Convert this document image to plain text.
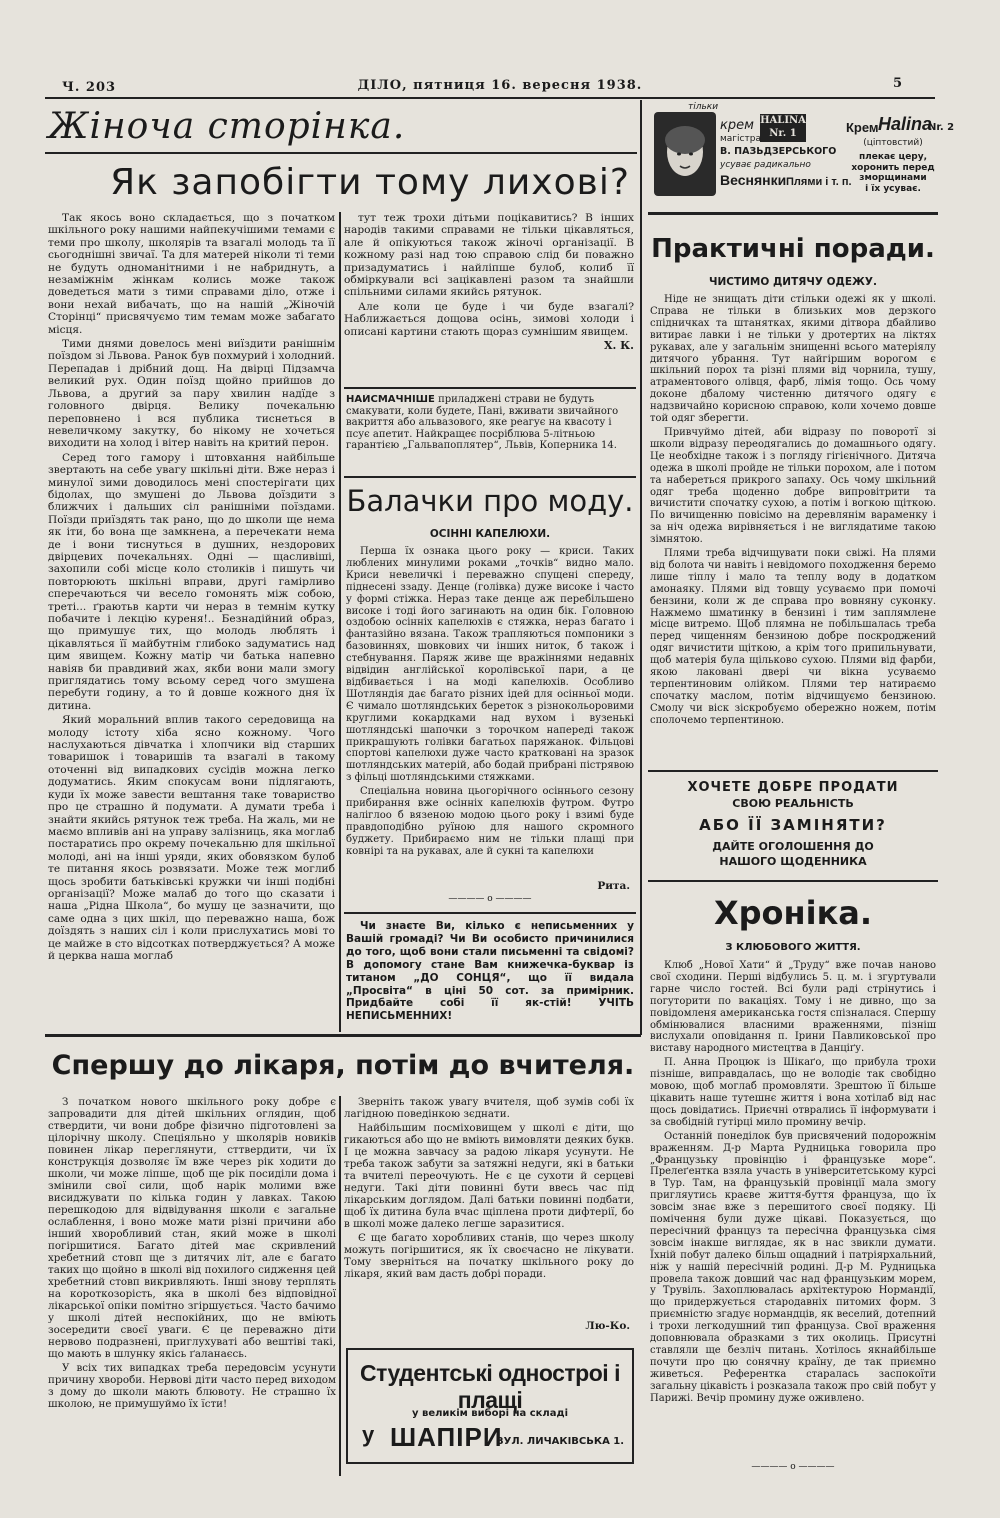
Ч. 203	ДІЛО, пятниця 16. вересня 1938.	5
Жіноча сторінка.
Як запобігти тому лихові?

Так якось воно складається, що з початком шкільного року нашими найпекучішими темами є теми про школу, школярів та взагалі молодь та її сьогоднішні звичаї. Та для матерей ніколи ті теми не будуть одноманітними і не набриднуть, а незаміжнім жінкам колись може також доведеться мати з тими справами діло, отже і вони нехай вибачать, що на нашій „Жіночій Сторінці“ присвячуємо тим темам може забагато місця.

Тими днями довелось мені виїздити ранішнім поїздом зі Львова. Ранок був похмурий і холодний. Перепадав і дрібний дощ. На двірці Підзамча великий рух. Один поїзд щойно прийшов до Львова, а другий за пару хвилин надїде з головного двірця. Велику почекальню переповнено і вся публика тиснеться в невеличкому закутку, бо нікому не хочеться виходити на холод і вітер навіть на критий перон.

Серед того гамору і штовхання найбільше звертають на себе увагу шкільні діти. Вже нераз і минулої зими доводилось мені спостерігати цих бідолах, що змушені до Львова доїздити з ближчих і дальших сіл ранішніми поїздами. Поїзди приїздять так рано, що до школи ще нема як іти, бо вона ще замкнена, а перечекати нема де і вони тиснуться в душних, нездорових двірцевих почекальнях. Одні — щасливіші, захопили собі місце коло столиків і пишуть чи повторюють шкільні вправи, другі гамірливо сперечаються чи весело гомонять між собою, треті... ґраютьв карти чи нераз в темнім кутку побачите і лекцію куреня!.. Безнадійний образ, що примушує тих, що молодь люблять і цікавляться її майбутнім глибоко задуматись над цим явищем. Кожну матір чи батька напевно навіяв би правдивий жах, якби вони мали змогу приглядатись тому всьому серед чого змушена перебути годину, а то й довше кожного дня їх дитина.

Який моральний вплив такого середовища на молоду істоту хіба ясно кожному. Чого наслухаються дівчатка і хлопчики від старших товаришок і товаришів та взагалі в такому оточенні від випадкових сусідів можна легко додуматись. Яким спокусам вони підлягають, куди їх може завести вештання таке товариство про це страшно й подумати. А думати треба і знайти якийсь рятунок теж треба. На жаль, ми не маємо впливів ані на управу залізниць, яка моглаб постаратись про окрему почекальню для шкільної молоді, ані на інші уряди, яких обовязком булоб те питання якось розвязати. Може теж моглиб щось зробити батьківські кружки чи інші подібні організації? Може малаб до того що сказати і наша „Рідна Школа“, бо мушу це зазначити, що саме одна з цих шкіл, що переважно наша, бож доїздять з наших сіл і коли прислухатись мові то це майже в сто відсотках потверджується? А може й церква наша моглаб

тут теж трохи дітьми поцікавитись? В інших народів такими справами не тільки цікавляться, але й опікуються також жіночі організації. В кожному разі над тою справою слід би поважно призадуматись і найліпше булоб, колиб її обміркували всі зацікавлені разом та знайшли спільними силами якийсь рятунок.

Але коли це буде і чи буде взагалі? Наближається дощова осінь, зимові холоди і описані картини стають щораз сумнішим явищем.

Х. К.
НАЙСМАЧНІШЕ приладжені страви не будуть смакувати, коли будете, Пані, вживати звичайного вакриття або альвазового, яке реагує на квасоту і псує апетит. Найкращеє посріблюва 5-літньою гарантією „Гальвапоплятер“, Львів, Коперника 14.
Балачки про моду.
ОСІННІ КАПЕЛЮХИ.

Перша їх ознака цього року — криси. Таких люблених минулими роками „точків“ видно мало. Криси невеличкі і переважно спущені спереду, піднесені ззаду. Денце (голівка) дуже високе і часто у формі стіжка. Нераз таке денце аж перебільшено високе і тоді його загинають на один бік. Головною оздобою осінніх капелюхів є стяжка, нераз багато і фантазійно вязана. Також трапляються помпоники з базовиннях, шовкових чи інших ниток, б також і стебнування. Паряж живе ще вражіннями недавніх відвідин англійської королівської пари, а це відбивається і на моді капелюхів. Особливо Шотляндія дає багато різних ідей для осінньої моди. Є чимало шотляндських береток з різнокольоровими круглими кокардками над вухом і вузенькі шотляндські шапочки з торочком напереді також прикрашують голівки багатьох паряжанок. Фільцові спортові капелюхи дуже часто кратковані на зразок шотляндських матерій, або бодай прибрані пістрявою з фільці шотляндськими стяжками.

Спеціальна новина цьогорічного осіннього сезону прибирання вже осінніх капелюхів футром. Футро наліглоо б вязеною модою цього року і взимі буде правдоподібно руїною для нашого скромного буджету. Прибираємо ним не тільки плащі при ковнірі та на рукавах, але й сукні та капелюхи

Рита.
———— о ————
Чи знаєте Ви, кілько є неписьменних у Вашій громаді? Чи Ви особисто причинилися до того, щоб вони стали письменні та свідомі? В допомогу стане Вам книжечка-буквар із титаном „ДО СОНЦЯ“, що її видала „Просвіта“ в ціні 50 сот. за примірник. Придбайте собі її як-стій! УЧІТЬ НЕПИСЬМЕННИХ!
тільки
крем HALINA
Nr. 1
магістра
В. ПАЗЬДЗЕРСЬКОГО
усуває радикально
Веснянки Плями і т. п.
Крем Halina
Nr. 2
(ціптовстий)
плекає церу,
хоронить перед
зморщинами
і їх усуває.
Практичні поради.
ЧИСТИМО ДИТЯЧУ ОДЕЖУ.

Ніде не знищать діти стільки одежі як у школі. Справа не тільки в близьких мов дерзкого спідничках та штанятках, якими дітвора дбайливо витирає лавки і не тільки у дротертих на ліктях рукавах, але у загальнім знищенні всього матеріялу дитячого убрання. Тут найгіршим ворогом є шкільний порох та різні плями від чорнила, тушу, атраментового олівця, фарб, лімія тощо. Ось чому доконе дбалому чистенню дитячого одягу є надзвичайно корисною справою, коли хочемо довше той одяг зберегти.

Привчуймо дітей, аби відразу по поворотї зі школи відразу переодягались до домашнього одягу. Це необхідне також і з погляду гігієнічного. Дитяча одежа в школі пройде не тільки порохом, але і потом та набереться прикрого запаху. Ось чому шкільний одяг треба щоденно добре випровітрити та вичистити спочатку сухою, а потім і вогкою щіткою. По вичищенню повісімо на деревлянім вараменку і за ніч одежа вирівняється і не виглядатиме такою зімнятою.

Плями треба відчищувати поки свіжі. На плями від болота чи навіть і невідомого походження беремо лише тіплу і мало та теплу воду в додатком амонаяку. Плями від товщу усуваємо при помочі бензини, коли ж де справа про вовняну суконку. Нажмемо шматинку в бензині і тим заплямлене місце витремо. Щоб плямна не побільшалась треба перед чищенням бензиною добре поскроджений одяг вичистити щіткою, а крім того припильнувати, щоб матерія була щільково сухою. Плями від фарби, якою лаковані двері чи вікна усуваємо терпентиновим олійком. Плями тер натираємо спочатку маслом, потім відчищуємо бензиною. Смолу чи віск зіскробуємо обережно ножем, потім сполочемо терпентиною.

ХОЧЕТЕ ДОБРЕ ПРОДАТИ
СВОЮ РЕАЛЬНІСТЬ
АБО ЇЇ ЗАМІНЯТИ?
ДАЙТЕ ОГОЛОШЕННЯ ДО
НАШОГО ЩОДЕННИКА
Хроніка.
З КЛЮБОВОГО ЖИТТЯ.

Клюб „Нової Хати“ й „Труду“ вже почав наново свої сходини. Перші відбулись 5. ц. м. і згуртували гарне число гостей. Всі були раді стрінутись і погуторити по вакаціях. Тому і не дивно, що за повідомленя американська гостя спізналася. Спершу обмінювалися власними враженнями, пізніш вислухали оповідання п. Ірини Павликовської про виставу народного мистецтва в Данціґу.

П. Анна Процюк із Шікаґо, що прибула трохи пізніше, виправдалась, що не володіє так свобідно мовою, щоб моглаб промовляти. Зрештою її більше цікавить наше тутешнє життя і вона хотілаб від нас щось довідатись. Приєчні отврались її інформувати і за свобідній гутірці мило промину вечір.

Останній понеділок був присвячений подорожнім враженням. Д-р Марта Рудницька говорила про „Французьку провінцію і французьке море“. Прелеґентка взяла участь в університетському курсі в Тур. Там, на французькій провінції мала змогу пригляутись краєве життя-буття француза, що їх зовсім знає вже з перешитого своєї подяку. Ці помічення були дуже цікаві. Показується, що пересічний француз та пересічна французька сімя зовсім інакше виглядає, як в нас звикли думати. Їхній побут далеко більш ощадний і патріярхальний, ніж у нашій пересічній родині. Д-р М. Рудницька провела також довший час над французьким морем, у Трувіль. Захоплювалась архітектурою Нормандії, що придержується стародавніх питомих форм. З приємністю згадує нормандців, як веселий, дотепний і трохи легкодушний тип француза. Свої враження доповнювала образками з тих околиць. Присутні ставляли ще безліч питань. Хотілось якнайбільше почути про цю сонячну країну, де так приємно живеться. Референтка старалась заспокоїти загальну цікавість і розказала також про свій побут у Парижі. Вечір промину дуже оживлено.

———— о ————
Спершу до лікаря, потім до вчителя.

З початком нового шкільного року добре є запровадити для дітей шкільних оглядин, щоб ствердити, чи вони добре фізично підготовлені за цілорічну школу. Спеціяльно у школярів новиків повинен лікар переглянути, сттвердити, чи їх конструкція дозволяє їм вже через рік ходити до школи, чи може ліпше, щоб ще рік посиділи дома і змінили свої сили, щоб нарік молими вже висиджувати по кілька годин у лавках. Такою перешкодою для відвідування школи є загальне ослаблення, і воно може мати різні причини або інший хворобливий стан, який може в школі погіршитися. Багато дітей має скривлений хребетний стовп ще з дитячих літ, але є багато таких що щойно в школі від похилого сидження цей хребетний стовп викривляють. Інші знову терплять на короткозорість, яка в школі без відповідної лікарської опіки помітно згіршується. Часто бачимо у школі дітей неспокійних, що не вміють зосередити своєї уваги. Є це переважно діти нервово подразнені, приглухуваті або вештіві такі, що мають в шлунку якісь ґаланаєсь.

У всіх тих випадках треба передовсім усунути причину хвороби. Нервові діти часто перед виходом з дому до школи мають блювоту. Не страшно їх школою, не примушуймо їх їсти!

Зверніть також увагу вчителя, щоб зумів собі їх лагідною поведінкою зєднати.

Найбільшим посміховищем у школі є діти, що гикаються або що не вміють вимовляти деяких букв. І це можна завчасу за радою лікаря усунути. Не треба також забути за затяжні недуги, які в батьки та вчителі переочують. Не є це сухоти й серцеві недуги. Такі діти повинні бути ввесь час під лікарським доглядом. Далі батьки повинні подбати, щоб їх дитина була вчас щіплена проти дифтерії, бо в школі може далеко легше заразитися.

Є ще багато хоробливих станів, що через школу можуть погіршитися, як їх своєчасно не лікувати. Тому зверніться на початку шкільного року до лікаря, який вам дасть добрі поради.

Лю-Ко.
Студентські одностроі і плащі
у великім виборі на складі
у ШАПІРИ
ВУЛ. ЛИЧАКІВСЬКА 1.
